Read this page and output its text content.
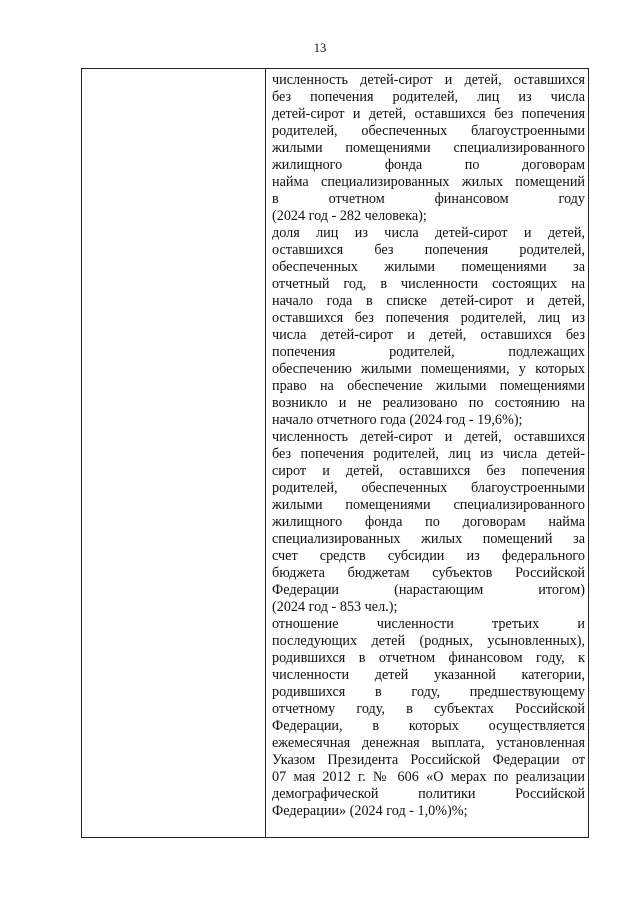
13
численность детей-сирот и детей, оставшихся
без попечения родителей, лиц из числа
детей-сирот и детей, оставшихся без попечения
родителей, обеспеченных благоустроенными
жилыми помещениями специализированного
жилищного фонда по договорам
найма специализированных жилых помещений
в отчетном финансовом году
(2024 год - 282 человека);
доля лиц из числа детей-сирот и детей,
оставшихся без попечения родителей,
обеспеченных жилыми помещениями за
отчетный год, в численности состоящих на
начало года в списке детей-сирот и детей,
оставшихся без попечения родителей, лиц из
числа детей-сирот и детей, оставшихся без
попечения родителей, подлежащих
обеспечению жилыми помещениями, у которых
право на обеспечение жилыми помещениями
возникло и не реализовано по состоянию на
начало отчетного года (2024 год - 19,6%);
численность детей-сирот и детей, оставшихся
без попечения родителей, лиц из числа детей-
сирот и детей, оставшихся без попечения
родителей, обеспеченных благоустроенными
жилыми помещениями специализированного
жилищного фонда по договорам найма
специализированных жилых помещений за
счет средств субсидии из федерального
бюджета бюджетам субъектов Российской
Федерации (нарастающим итогом)
(2024 год - 853 чел.);
отношение численности третьих и
последующих детей (родных, усыновленных),
родившихся в отчетном финансовом году, к
численности детей указанной категории,
родившихся в году, предшествующему
отчетному году, в субъектах Российской
Федерации, в которых осуществляется
ежемесячная денежная выплата, установленная
Указом Президента Российской Федерации от
07 мая 2012 г. № 606 «О мерах по реализации
демографической политики Российской
Федерации» (2024 год - 1,0%)%;
